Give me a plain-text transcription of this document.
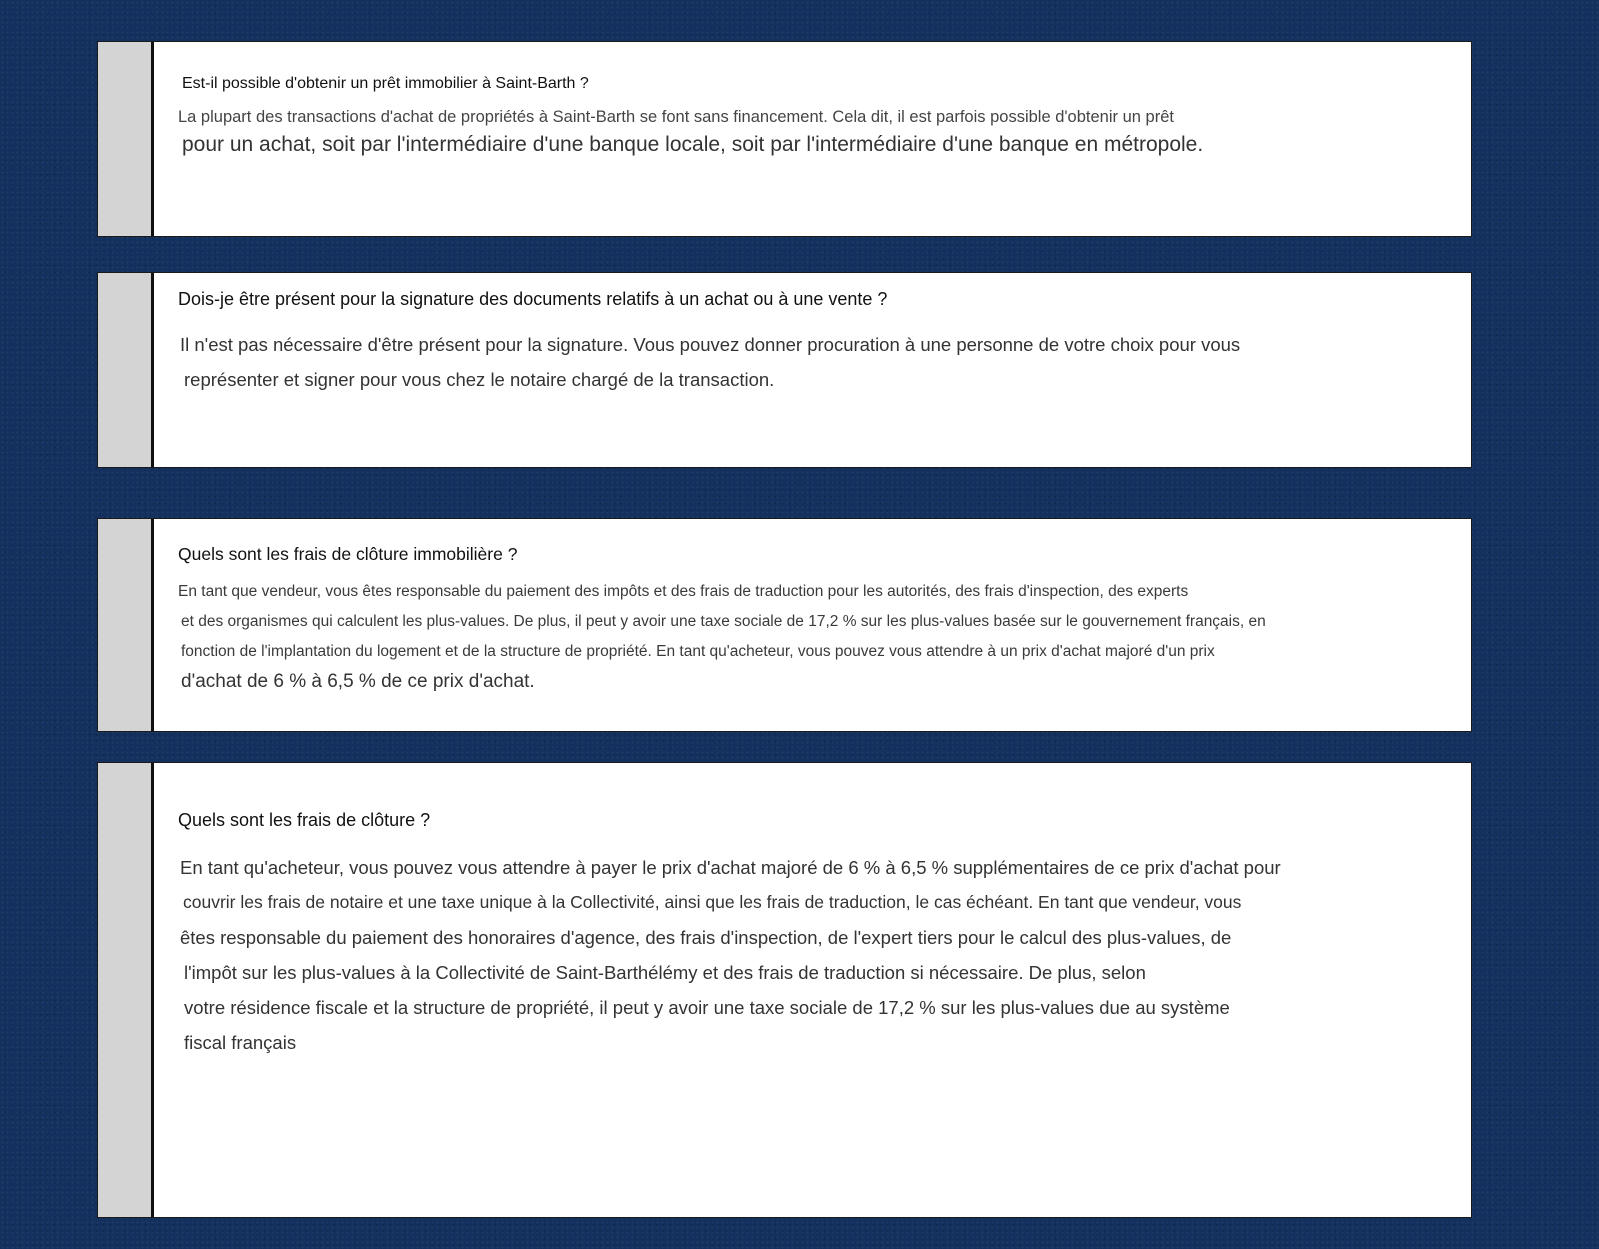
Est-il possible d'obtenir un prêt immobilier à Saint-Barth ?

La plupart des transactions d'achat de propriétés à Saint-Barth se font sans financement. Cela dit, il est parfois possible d'obtenir un prêt
pour un achat, soit par l'intermédiaire d'une banque locale, soit par l'intermédiaire d'une banque en métropole.

Dois-je être présent pour la signature des documents relatifs à un achat ou à une vente ?

Il n'est pas nécessaire d'être présent pour la signature. Vous pouvez donner procuration à une personne de votre choix pour vous
représenter et signer pour vous chez le notaire chargé de la transaction.

Quels sont les frais de clôture immobilière ?

En tant que vendeur, vous êtes responsable du paiement des impôts et des frais de traduction pour les autorités, des frais d'inspection, des experts
et des organismes qui calculent les plus-values. De plus, il peut y avoir une taxe sociale de 17,2 % sur les plus-values basée sur le gouvernement français, en
fonction de l'implantation du logement et de la structure de propriété. En tant qu'acheteur, vous pouvez vous attendre à un prix d'achat majoré d'un prix
d'achat de 6 % à 6,5 % de ce prix d'achat.

Quels sont les frais de clôture ?

En tant qu'acheteur, vous pouvez vous attendre à payer le prix d'achat majoré de 6 % à 6,5 % supplémentaires de ce prix d'achat pour
couvrir les frais de notaire et une taxe unique à la Collectivité, ainsi que les frais de traduction, le cas échéant. En tant que vendeur, vous
êtes responsable du paiement des honoraires d'agence, des frais d'inspection, de l'expert tiers pour le calcul des plus-values, de
l'impôt sur les plus-values à la Collectivité de Saint-Barthélémy et des frais de traduction si nécessaire. De plus, selon
votre résidence fiscale et la structure de propriété, il peut y avoir une taxe sociale de 17,2 % sur les plus-values due au système
fiscal français
